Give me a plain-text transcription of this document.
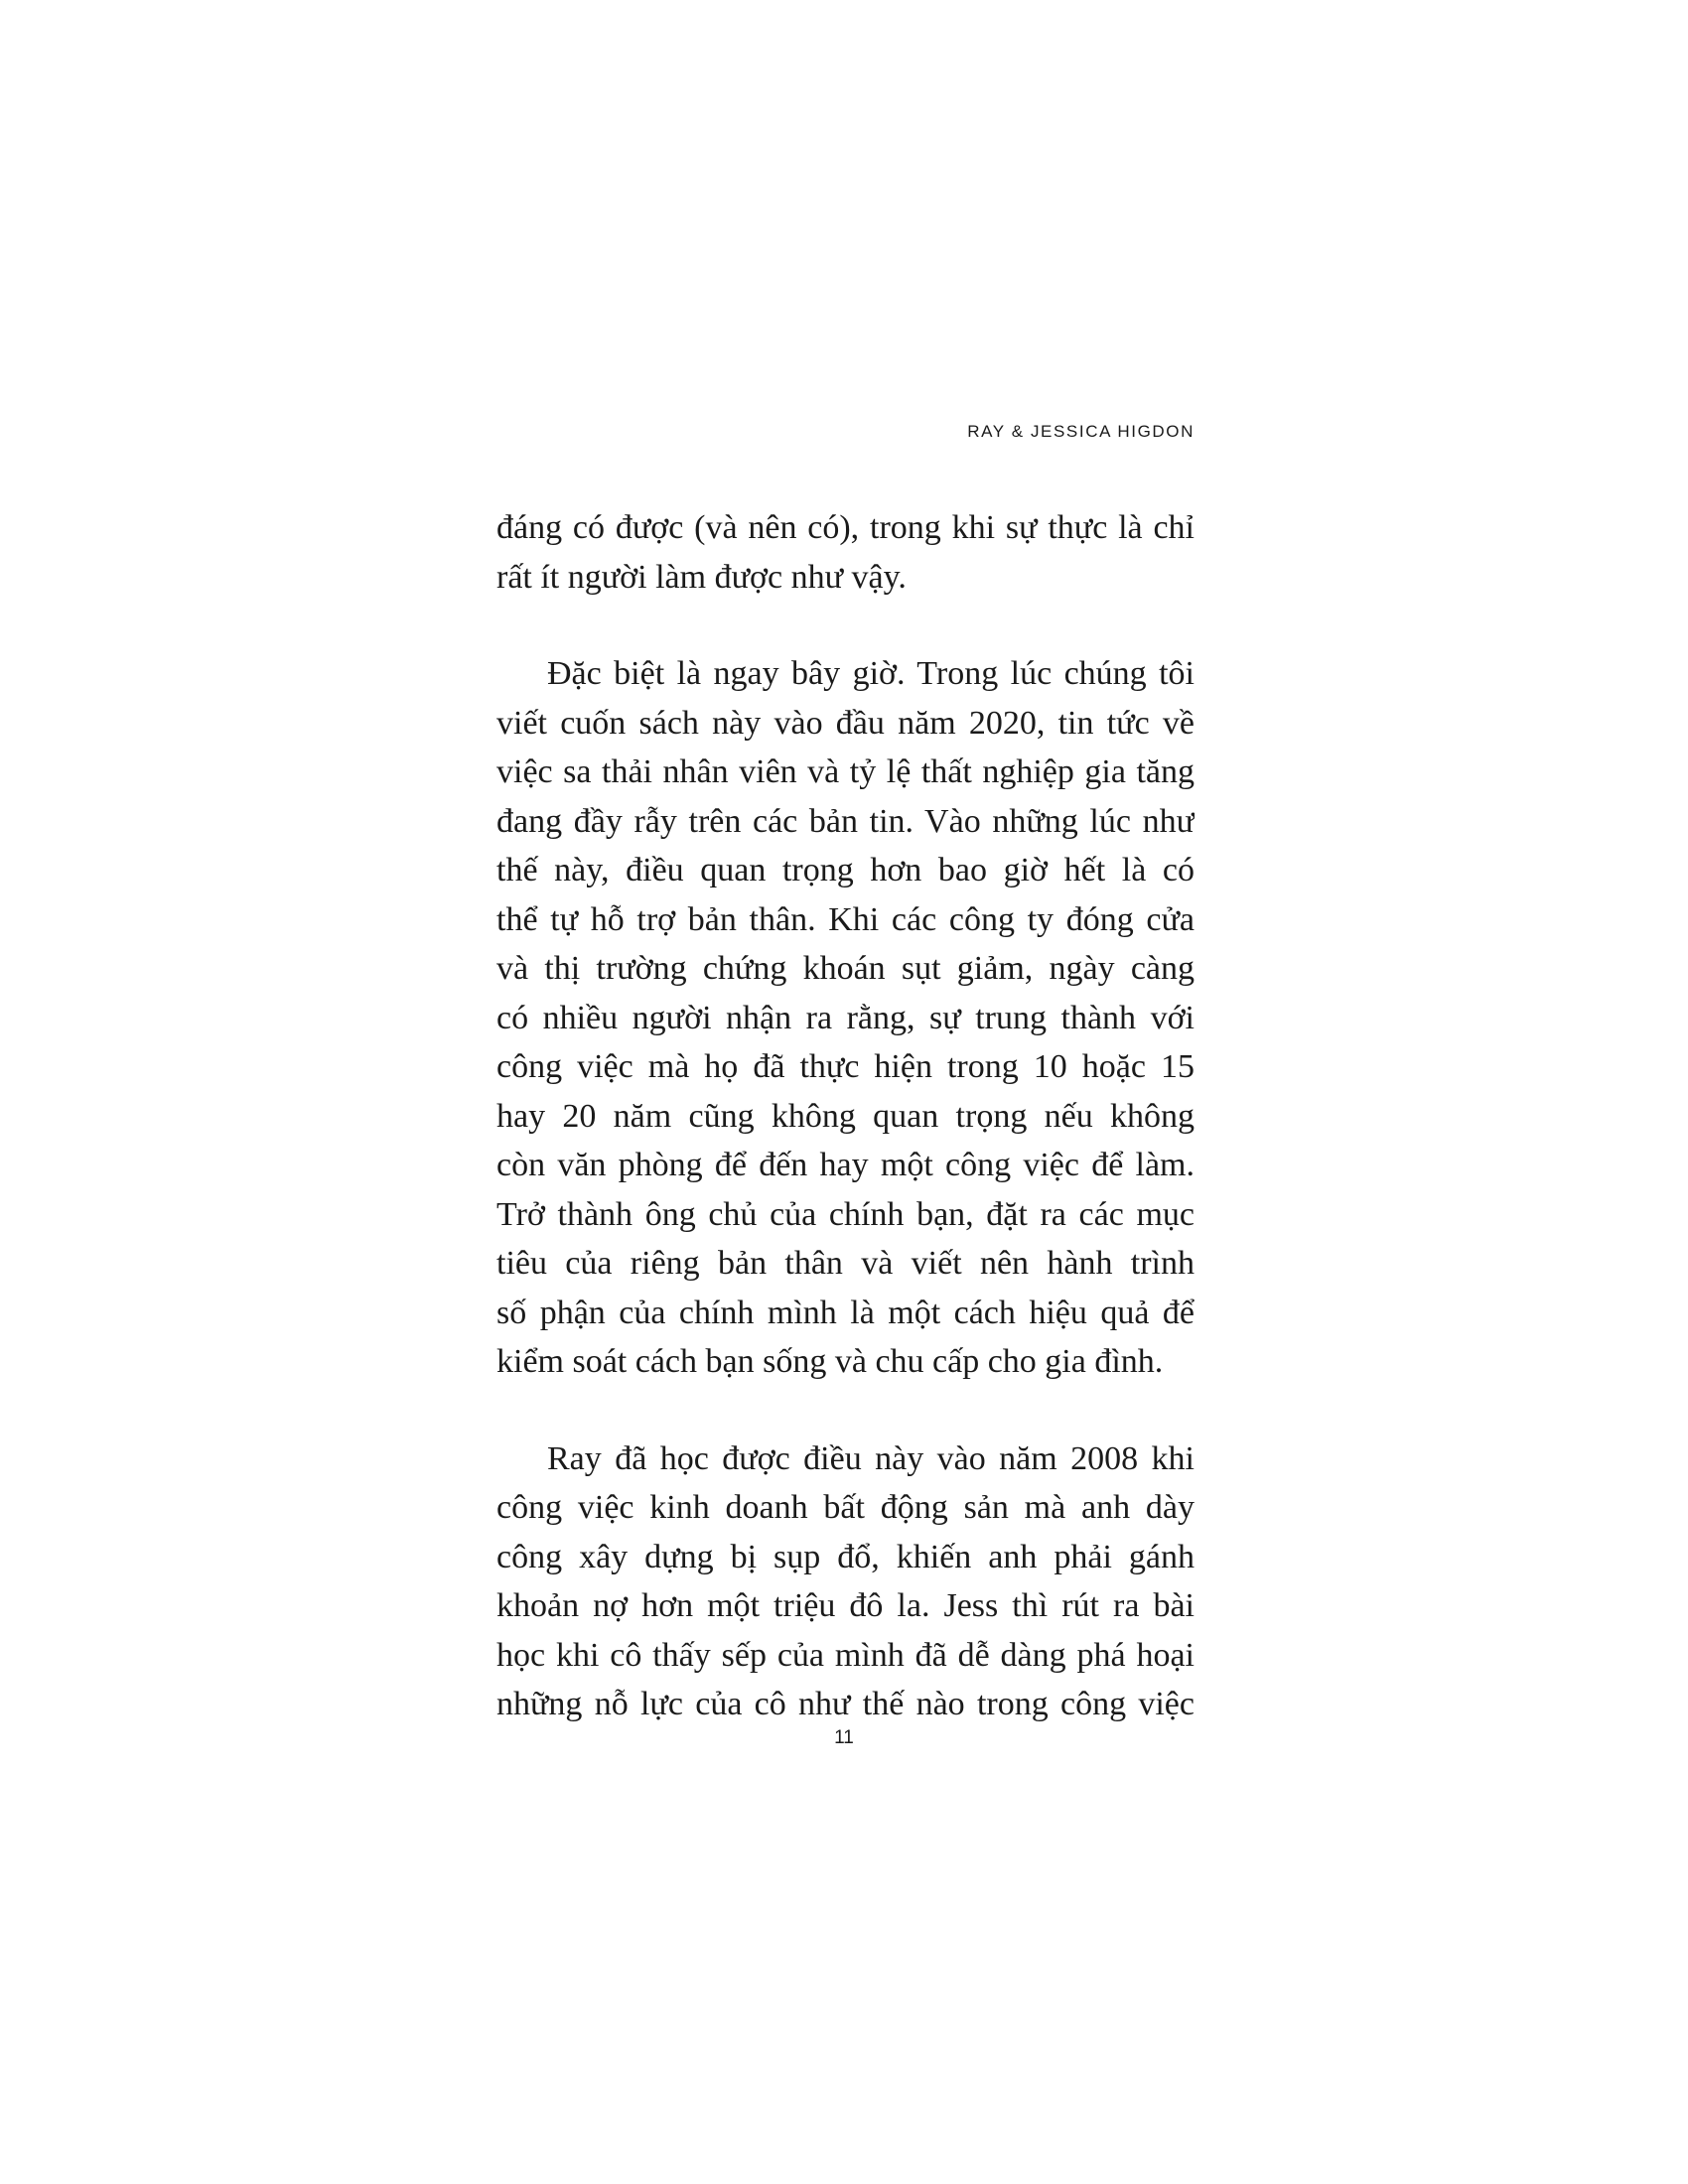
RAY & JESSICA HIGDON
đáng có được (và nên có), trong khi sự thực là chỉ
rất ít người làm được như vậy.
Đặc biệt là ngay bây giờ. Trong lúc chúng tôi
viết cuốn sách này vào đầu năm 2020, tin tức về
việc sa thải nhân viên và tỷ lệ thất nghiệp gia tăng
đang đầy rẫy trên các bản tin. Vào những lúc như
thế này, điều quan trọng hơn bao giờ hết là có
thể tự hỗ trợ bản thân. Khi các công ty đóng cửa
và thị trường chứng khoán sụt giảm, ngày càng
có nhiều người nhận ra rằng, sự trung thành với
công việc mà họ đã thực hiện trong 10 hoặc 15
hay 20 năm cũng không quan trọng nếu không
còn văn phòng để đến hay một công việc để làm.
Trở thành ông chủ của chính bạn, đặt ra các mục
tiêu của riêng bản thân và viết nên hành trình
số phận của chính mình là một cách hiệu quả để
kiểm soát cách bạn sống và chu cấp cho gia đình.
Ray đã học được điều này vào năm 2008 khi
công việc kinh doanh bất động sản mà anh dày
công xây dựng bị sụp đổ, khiến anh phải gánh
khoản nợ hơn một triệu đô la. Jess thì rút ra bài
học khi cô thấy sếp của mình đã dễ dàng phá hoại
những nỗ lực của cô như thế nào trong công việc
11
